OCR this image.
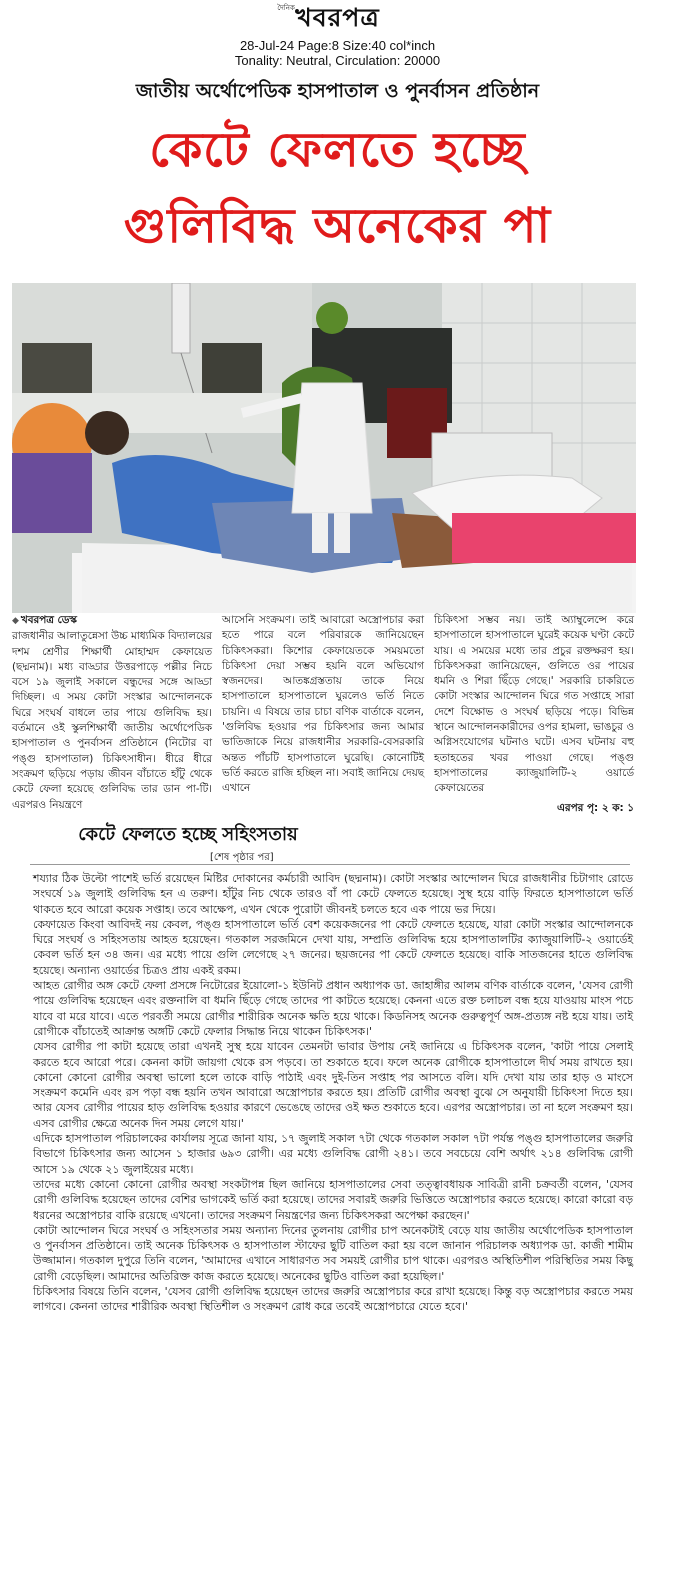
দৈনিক খবরপত্র
28-Jul-24 Page:8 Size:40 col*inch
Tonality: Neutral, Circulation: 20000
জাতীয় অর্থোপেডিক হাসপাতাল ও পুনর্বাসন প্রতিষ্ঠান
কেটে ফেলতে হচ্ছে
গুলিবিদ্ধ অনেকের পা

◆ খবরপত্র ডেস্ক

রাজধানীর আলাতুন্নেসা উচ্চ মাধ্যমিক বিদ্যালয়ের দশম শ্রেণীর শিক্ষার্থী মোহাম্মদ কেফায়েত (ছদ্মনাম)। মধ্য বাড্ডার উত্তরপাড়ে পল্লীর নিচে বসে ১৯ জুলাই সকালে বন্ধুদের সঙ্গে আড্ডা দিচ্ছিল। এ সময় কোটা সংস্কার আন্দোলনকে ঘিরে সংঘর্ষ বাধলে তার পায়ে গুলিবিদ্ধ হয়। বর্তমানে ওই স্কুলশিক্ষার্থী জাতীয় অর্থোপেডিক হাসপাতাল ও পুনর্বাসন প্রতিষ্ঠানে (নিটোর বা পঙ্গু হাসপাতাল) চিকিৎসাধীন। ধীরে ধীরে সংক্রমণ ছড়িয়ে পড়ায় জীবন বাঁচাতে হাঁটু থেকে কেটে ফেলা হয়েছে গুলিবিদ্ধ তার ডান পা-টি। এরপরও নিয়ন্ত্রণে

আসেনি সংক্রমণ। তাই আবারো অস্ত্রোপচার করা হতে পারে বলে পরিবারকে জানিয়েছেন চিকিৎসকরা। কিশোর কেফায়েতকে সময়মতো চিকিৎসা দেয়া সম্ভব হয়নি বলে অভিযোগ স্বজনদের। আতঙ্কগ্রস্ততায় তাকে নিয়ে হাসপাতালে হাসপাতালে ঘুরলেও ভর্তি নিতে চায়নি। এ বিষয়ে তার চাচা বণিক বার্তাকে বলেন, 'গুলিবিদ্ধ হওয়ার পর চিকিৎসার জন্য আমার ভাতিজাকে নিয়ে রাজধানীর সরকারি-বেসরকারি অন্তত পাঁচটি হাসপাতালে ঘুরেছি। কোনোটিই ভর্তি করতে রাজি হচ্ছিল না। সবাই জানিয়ে দেয়ছ এখানে

চিকিৎসা সম্ভব নয়। তাই অ্যাম্বুলেন্সে করে হাসপাতালে হাসপাতালে ঘুরেই কয়েক ঘণ্টা কেটে যায়। এ সময়ের মধ্যে তার প্রচুর রক্তক্ষরণ হয়। চিকিৎসকরা জানিয়েছেন, গুলিতে ওর পায়ের ধমনি ও শিরা ছিঁড়ে গেছে।' সরকারি চাকরিতে কোটা সংস্কার আন্দোলন ঘিরে গত সপ্তাহে সারা দেশে বিক্ষোভ ও সংঘর্ষ ছড়িয়ে পড়ে। বিভিন্ন স্থানে আন্দোলনকারীদের ওপর হামলা, ভাঙচুর ও অগ্নিসংযোগের ঘটনাও ঘটে। এসব ঘটনায় বহু হতাহতের খবর পাওয়া গেছে। পঙ্গু হাসপাতালের ক্যাজুয়ালিটি-২ ওয়ার্ডে কেফায়েতের

এরপর পৃ: ২ ক: ১
কেটে ফেলতে হচ্ছে সহিংসতায়
[শেষ পৃষ্ঠার পর]

শয্যার ঠিক উল্টো পাশেই ভর্তি রয়েছেন মিষ্টির দোকানের কর্মচারী আবিদ (ছদ্মনাম)। কোটা সংস্কার আন্দোলন ঘিরে রাজধানীর চিটাগাং রোডে সংঘর্ষে ১৯ জুলাই গুলিবিদ্ধ হন এ তরুণ। হাঁটুর নিচ থেকে তারও বাঁ পা কেটে ফেলতে হয়েছে। সুস্থ হয়ে বাড়ি ফিরতে হাসপাতালে ভর্তি থাকতে হবে আরো কয়েক সপ্তাহ। তবে আক্ষেপ, এখন থেকে পুরোটা জীবনই চলতে হবে এক পায়ে ভর দিয়ে।

কেফায়েত কিংবা আবিদই নয় কেবল, পঙ্গু হাসপাতালে ভর্তি বেশ কয়েকজনের পা কেটে ফেলতে হয়েছে, যারা কোটা সংস্কার আন্দোলনকে ঘিরে সংঘর্ষ ও সহিংসতায় আহত হয়েছেন। গতকাল সরজমিনে দেখা যায়, সম্প্রতি গুলিবিদ্ধ হয়ে হাসপাতালটির ক্যাজুয়ালিটি-২ ওয়ার্ডেই কেবল ভর্তি হন ৩৪ জন। এর মধ্যে পায়ে গুলি লেগেছে ২৭ জনের। ছয়জনের পা কেটে ফেলতে হয়েছে। বাকি সাতজনের হাতে গুলিবিদ্ধ হয়েছে। অন্যান্য ওয়ার্ডের চিত্রও প্রায় একই রকম।

আহত রোগীর অঙ্গ কেটে ফেলা প্রসঙ্গে নিটোরের ইয়োলো-১ ইউনিট প্রধান অধ্যাপক ডা. জাহাঙ্গীর আলম বণিক বার্তাকে বলেন, 'যেসব রোগী পায়ে গুলিবিদ্ধ হয়েছেন এবং রক্তনালি বা ধমনি ছিঁড়ে গেছে তাদের পা কাটতে হয়েছে। কেননা এতে রক্ত চলাচল বন্ধ হয়ে যাওয়ায় মাংস পচে যাবে বা মরে যাবে। এতে পরবর্তী সময়ে রোগীর শারীরিক অনেক ক্ষতি হয়ে থাকে। কিডনিসহ অনেক গুরুত্বপূর্ণ অঙ্গ-প্রত্যঙ্গ নষ্ট হয়ে যায়। তাই রোগীকে বাঁচাতেই আক্রান্ত অঙ্গটি কেটে ফেলার সিদ্ধান্ত নিয়ে থাকেন চিকিৎসক।'

যেসব রোগীর পা কাটা হয়েছে তারা এখনই সুস্থ হয়ে যাবেন তেমনটা ভাবার উপায় নেই জানিয়ে এ চিকিৎসক বলেন, 'কাটা পায়ে সেলাই করতে হবে আরো পরে। কেননা কাটা জায়গা থেকে রস পড়বে। তা শুকাতে হবে। ফলে অনেক রোগীকে হাসপাতালে দীর্ঘ সময় রাখতে হয়। কোনো কোনো রোগীর অবস্থা ভালো হলে তাকে বাড়ি পাঠাই এবং দুই-তিন সপ্তাহ পর আসতে বলি। যদি দেখা যায় তার হাড় ও মাংসে সংক্রমণ কমেনি এবং রস পড়া বন্ধ হয়নি তখন আবারো অস্ত্রোপচার করতে হয়। প্রতিটি রোগীর অবস্থা বুঝে সে অনুযায়ী চিকিৎসা দিতে হয়। আর যেসব রোগীর পায়ের হাড় গুলিবিদ্ধ হওয়ার কারণে ভেঙেছে তাদের ওই ক্ষত শুকাতে হবে। এরপর অস্ত্রোপচার। তা না হলে সংক্রমণ হয়। এসব রোগীর ক্ষেত্রে অনেক দিন সময় লেগে যায়।'

এদিকে হাসপাতাল পরিচালকের কার্যালয় সূত্রে জানা যায়, ১৭ জুলাই সকাল ৭টা থেকে গতকাল সকাল ৭টা পর্যন্ত পঙ্গু হাসপাতালের জরুরি বিভাগে চিকিৎসার জন্য আসেন ১ হাজার ৬৯৩ রোগী। এর মধ্যে গুলিবিদ্ধ রোগী ২৪১। তবে সবচেয়ে বেশি অর্থাৎ ২১৪ গুলিবিদ্ধ রোগী আসে ১৯ থেকে ২১ জুলাইয়ের মধ্যে।

তাদের মধ্যে কোনো কোনো রোগীর অবস্থা সংকটাপন্ন ছিল জানিয়ে হাসপাতালের সেবা তত্ত্বাবধায়ক সাবিত্রী রানী চক্রবর্তী বলেন, 'যেসব রোগী গুলিবিদ্ধ হয়েছেন তাদের বেশির ভাগকেই ভর্তি করা হয়েছে। তাদের সবারই জরুরি ভিত্তিতে অস্ত্রোপচার করতে হয়েছে। কারো কারো বড় ধরনের অস্ত্রোপচার বাকি রয়েছে এখনো। তাদের সংক্রমণ নিয়ন্ত্রণের জন্য চিকিৎসকরা অপেক্ষা করছেন।'

কোটা আন্দোলন ঘিরে সংঘর্ষ ও সহিংসতার সময় অন্যান্য দিনের তুলনায় রোগীর চাপ অনেকটাই বেড়ে যায় জাতীয় অর্থোপেডিক হাসপাতাল ও পুনর্বাসন প্রতিষ্ঠানে। তাই অনেক চিকিৎসক ও হাসপাতাল স্টাফের ছুটি বাতিল করা হয় বলে জানান পরিচালক অধ্যাপক ডা. কাজী শামীম উজ্জামান। গতকাল দুপুরে তিনি বলেন, 'আমাদের এখানে সাধারণত সব সময়ই রোগীর চাপ থাকে। এরপরও অস্থিতিশীল পরিস্থিতির সময় কিছু রোগী বেড়েছিল। আমাদের অতিরিক্ত কাজ করতে হয়েছে। অনেকের ছুটিও বাতিল করা হয়েছিল।'

চিকিৎসার বিষয়ে তিনি বলেন, 'যেসব রোগী গুলিবিদ্ধ হয়েছেন তাদের জরুরি অস্ত্রোপচার করে রাখা হয়েছে। কিন্তু বড় অস্ত্রোপচার করতে সময় লাগবে। কেননা তাদের শারীরিক অবস্থা স্থিতিশীল ও সংক্রমণ রোধ করে তবেই অস্ত্রোপচারে যেতে হবে।'
